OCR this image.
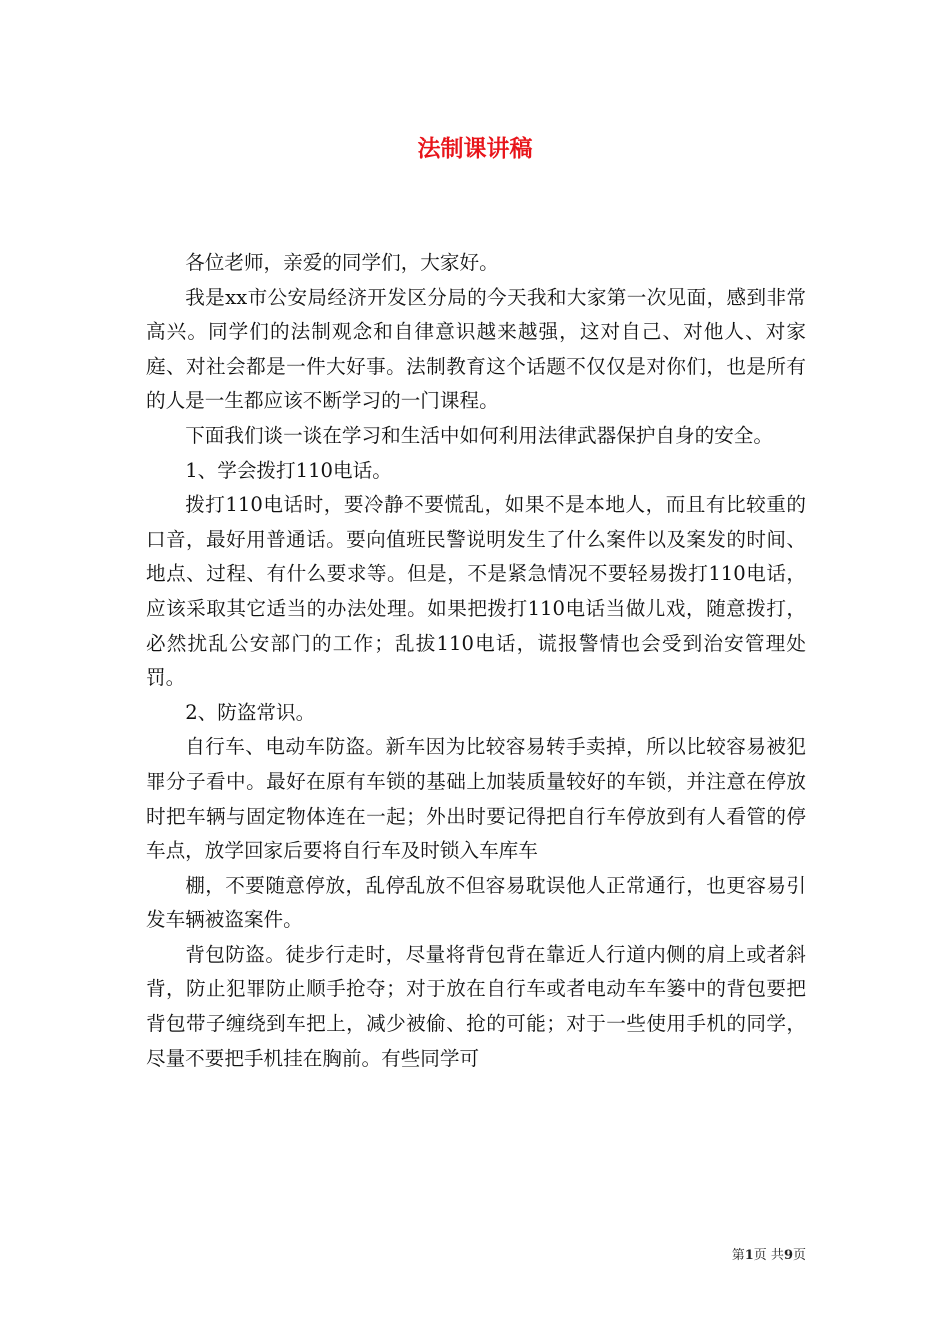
法制课讲稿

各位老师，亲爱的同学们，大家好。

我是xx市公安局经济开发区分局的今天我和大家第一次见面，感到非常高兴。同学们的法制观念和自律意识越来越强，这对自己、对他人、对家庭、对社会都是一件大好事。法制教育这个话题不仅仅是对你们，也是所有的人是一生都应该不断学习的一门课程。

下面我们谈一谈在学习和生活中如何利用法律武器保护自身的安全。

1、学会拨打110电话。

拨打110电话时，要冷静不要慌乱，如果不是本地人，而且有比较重的口音，最好用普通话。要向值班民警说明发生了什么案件以及案发的时间、地点、过程、有什么要求等。但是，不是紧急情况不要轻易拨打110电话，应该采取其它适当的办法处理。如果把拨打110电话当做儿戏，随意拨打，必然扰乱公安部门的工作；乱拔110电话，谎报警情也会受到治安管理处罚。

2、防盗常识。

自行车、电动车防盗。新车因为比较容易转手卖掉，所以比较容易被犯罪分子看中。最好在原有车锁的基础上加装质量较好的车锁，并注意在停放时把车辆与固定物体连在一起；外出时要记得把自行车停放到有人看管的停车点，放学回家后要将自行车及时锁入车库车

棚，不要随意停放，乱停乱放不但容易耽误他人正常通行，也更容易引发车辆被盗案件。

背包防盗。徒步行走时，尽量将背包背在靠近人行道内侧的肩上或者斜背，防止犯罪防止顺手抢夺；对于放在自行车或者电动车车篓中的背包要把背包带子缠绕到车把上，减少被偷、抢的可能；对于一些使用手机的同学，尽量不要把手机挂在胸前。有些同学可

第1页 共9页
